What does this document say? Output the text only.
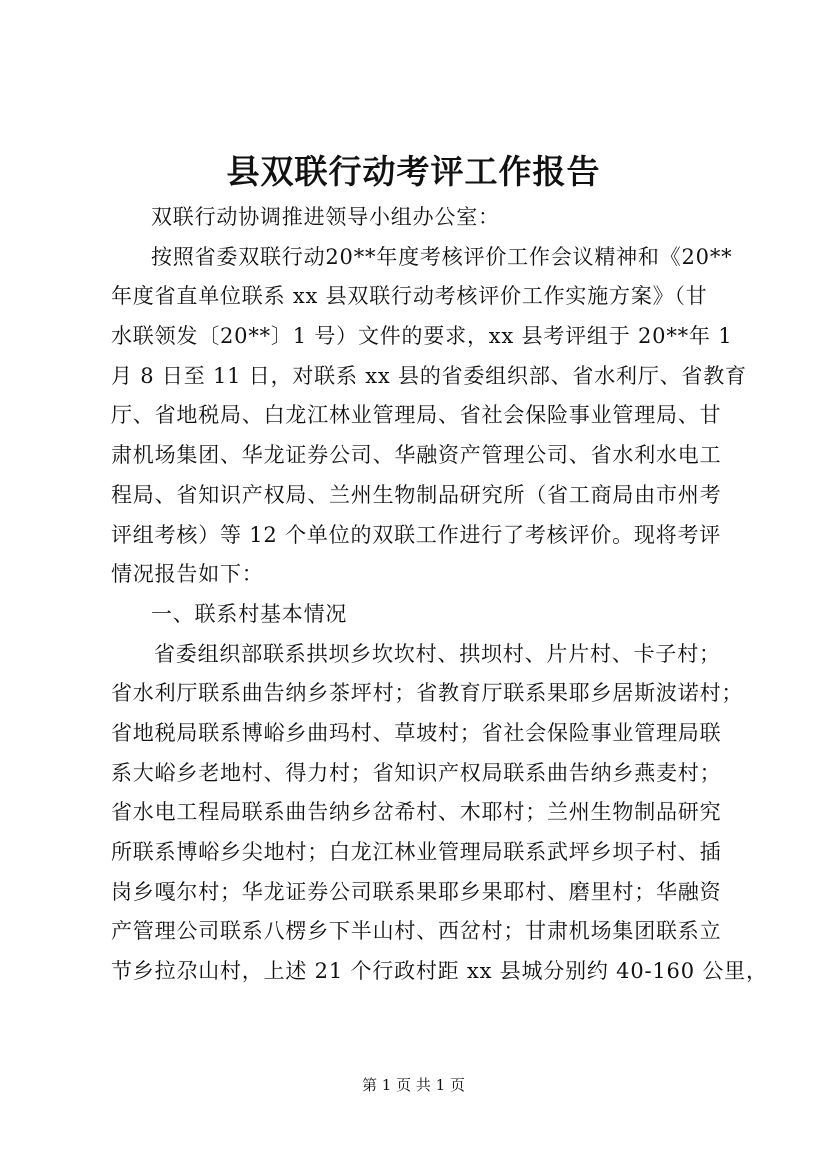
县双联行动考评工作报告
双联行动协调推进领导小组办公室：
按照省委双联行动20**年度考核评价工作会议精神和《20**
年度省直单位联系 xx 县双联行动考核评价工作实施方案》（甘
水联领发〔20**〕1 号）文件的要求，xx 县考评组于 20**年 1
月 8 日至 11 日，对联系 xx 县的省委组织部、省水利厅、省教育
厅、省地税局、白龙江林业管理局、省社会保险事业管理局、甘
肃机场集团、华龙证券公司、华融资产管理公司、省水利水电工
程局、省知识产权局、兰州生物制品研究所（省工商局由市州考
评组考核）等 12 个单位的双联工作进行了考核评价。现将考评
情况报告如下：
一、联系村基本情况
省委组织部联系拱坝乡坎坎村、拱坝村、片片村、卡子村；
省水利厅联系曲告纳乡茶坪村；省教育厅联系果耶乡居斯波诺村；
省地税局联系博峪乡曲玛村、草坡村；省社会保险事业管理局联
系大峪乡老地村、得力村；省知识产权局联系曲告纳乡燕麦村；
省水电工程局联系曲告纳乡岔希村、木耶村；兰州生物制品研究
所联系博峪乡尖地村；白龙江林业管理局联系武坪乡坝子村、插
岗乡嘎尔村；华龙证券公司联系果耶乡果耶村、磨里村；华融资
产管理公司联系八楞乡下半山村、西岔村；甘肃机场集团联系立
节乡拉尕山村，上述 21 个行政村距 xx 县城分别约 40-160 公里，

第 1 页 共 1 页
